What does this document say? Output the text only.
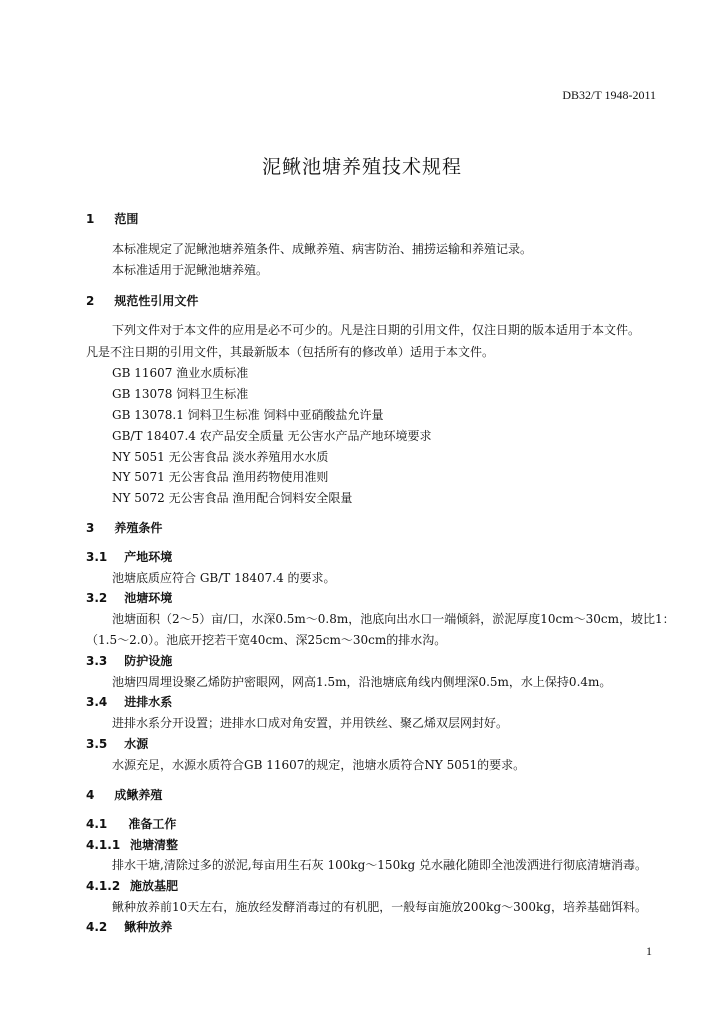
DB32/T 1948-2011
泥鳅池塘养殖技术规程
1 范围
本标准规定了泥鳅池塘养殖条件、成鳅养殖、病害防治、捕捞运输和养殖记录。
本标准适用于泥鳅池塘养殖。
2 规范性引用文件
下列文件对于本文件的应用是必不可少的。凡是注日期的引用文件，仅注日期的版本适用于本文件。
凡是不注日期的引用文件，其最新版本（包括所有的修改单）适用于本文件。
GB 11607 渔业水质标准
GB 13078 饲料卫生标准
GB 13078.1 饲料卫生标准 饲料中亚硝酸盐允许量
GB/T 18407.4 农产品安全质量 无公害水产品产地环境要求
NY 5051 无公害食品 淡水养殖用水水质
NY 5071 无公害食品 渔用药物使用准则
NY 5072 无公害食品 渔用配合饲料安全限量
3 养殖条件
3.1 产地环境
池塘底质应符合 GB/T 18407.4 的要求。
3.2 池塘环境
池塘面积（2～5）亩/口，水深0.5m～0.8m，池底向出水口一端倾斜，淤泥厚度10cm～30cm，坡比1：
（1.5～2.0）。池底开挖若干宽40cm、深25cm～30cm的排水沟。
3.3 防护设施
池塘四周埋设聚乙烯防护密眼网，网高1.5m，沿池塘底角线内侧埋深0.5m，水上保持0.4m。
3.4 进排水系
进排水系分开设置；进排水口成对角安置，并用铁丝、聚乙烯双层网封好。
3.5 水源
水源充足，水源水质符合GB 11607的规定，池塘水质符合NY 5051的要求。
4 成鳅养殖
4.1 准备工作
4.1.1 池塘清整
排水干塘,清除过多的淤泥,每亩用生石灰 100kg～150kg 兑水融化随即全池泼洒进行彻底清塘消毒。
4.1.2 施放基肥
鳅种放养前10天左右，施放经发酵消毒过的有机肥，一般每亩施放200kg～300kg，培养基础饵料。
4.2 鳅种放养
1
